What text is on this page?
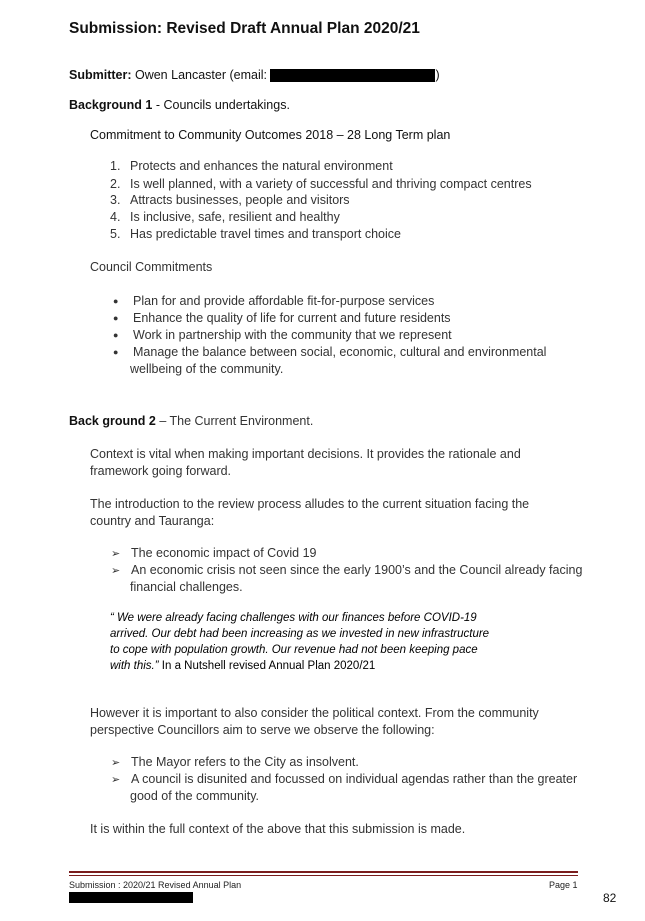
Submission: Revised Draft Annual Plan 2020/21
Submitter: Owen Lancaster (email:	)
Background 1 - Councils undertakings.
Commitment to Community Outcomes 2018 – 28 Long Term plan
1. Protects and enhances the natural environment
2. Is well planned, with a variety of successful and thriving compact centres
3. Attracts businesses, people and visitors
4. Is inclusive, safe, resilient and healthy
5. Has predictable travel times and transport choice
Council Commitments
● Plan for and provide affordable fit-for-purpose services
● Enhance the quality of life for current and future residents
● Work in partnership with the community that we represent
● Manage the balance between social, economic, cultural and environmental
wellbeing of the community.
Back ground 2 – The Current Environment.
Context is vital when making important decisions. It provides the rationale and
framework going forward.
The introduction to the review process alludes to the current situation facing the
country and Tauranga:
➢ The economic impact of Covid 19
➢ An economic crisis not seen since the early 1900’s and the Council already facing
financial challenges.
“ We were already facing challenges with our finances before COVID-19
arrived. Our debt had been increasing as we invested in new infrastructure
to cope with population growth. Our revenue had not been keeping pace
with this.” In a Nutshell revised Annual Plan 2020/21
However it is important to also consider the political context. From the community
perspective Councillors aim to serve we observe the following:
➢ The Mayor refers to the City as insolvent.
➢ A council is disunited and focussed on individual agendas rather than the greater
good of the community.
It is within the full context of the above that this submission is made.
Submission : 2020/21 Revised Annual Plan	Page 1
82
